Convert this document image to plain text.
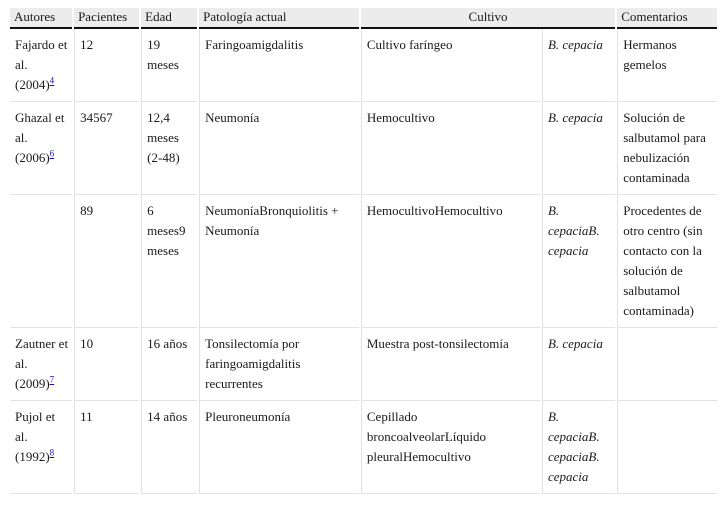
Autores	Pacientes	Edad	Patología actual	Cultivo		Comentarios
Fajardo et al. (2004)$^4$	12	19 meses	Faringoamigdalitis	Cultivo faríngeo	B. cepacia	Hermanos gemelos
Ghazal et al. (2006)$^6$	34567	12,4 meses (2-48)	Neumonía	Hemocultivo	B. cepacia	Solución de salbutamol para nebulización contaminada
	89	6 meses9 meses	NeumoníaBronquiolitis + Neumonía	HemocultivoHemocultivo	B. cepaciaB. cepacia	Procedentes de otro centro (sin contacto con la solución de salbutamol contaminada)
Zautner et al. (2009)$^7$	10	16 años	Tonsilectomía por faringoamigdalitis recurrentes	Muestra post-tonsilectomía	B. cepacia	
Pujol et al. (1992)$^8$	11	14 años	Pleuroneumonía	Cepillado broncoalveolarLíquido pleuralHemocultivo	B. cepaciaB. cepaciaB. cepacia	
